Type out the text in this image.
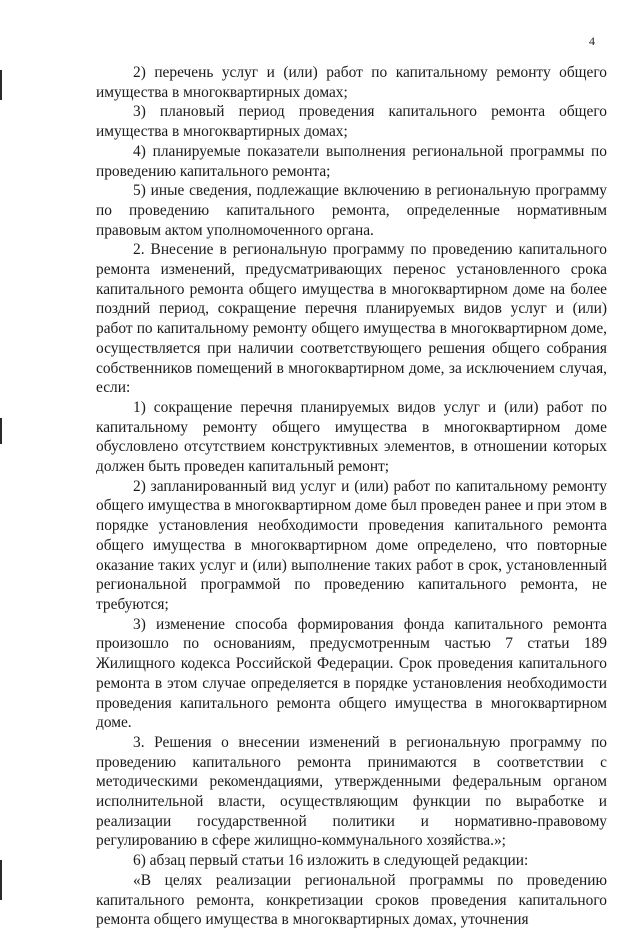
4

2) перечень услуг и (или) работ по капитальному ремонту общего имущества в многоквартирных домах;

3) плановый период проведения капитального ремонта общего имущества в многоквартирных домах;

4) планируемые показатели выполнения региональной программы по проведению капитального ремонта;

5) иные сведения, подлежащие включению в региональную программу по проведению капитального ремонта, определенные нормативным правовым актом уполномоченного органа.

2. Внесение в региональную программу по проведению капитального ремонта изменений, предусматривающих перенос установленного срока капитального ремонта общего имущества в многоквартирном доме на более поздний период, сокращение перечня планируемых видов услуг и (или) работ по капитальному ремонту общего имущества в многоквартирном доме, осуществляется при наличии соответствующего решения общего собрания собственников помещений в многоквартирном доме, за исключением случая, если:

1) сокращение перечня планируемых видов услуг и (или) работ по капитальному ремонту общего имущества в многоквартирном доме обусловлено отсутствием конструктивных элементов, в отношении которых должен быть проведен капитальный ремонт;

2) запланированный вид услуг и (или) работ по капитальному ремонту общего имущества в многоквартирном доме был проведен ранее и при этом в порядке установления необходимости проведения капитального ремонта общего имущества в многоквартирном доме определено, что повторные оказание таких услуг и (или) выполнение таких работ в срок, установленный региональной программой по проведению капитального ремонта, не требуются;

3) изменение способа формирования фонда капитального ремонта произошло по основаниям, предусмотренным частью 7 статьи 189 Жилищного кодекса Российской Федерации. Срок проведения капитального ремонта в этом случае определяется в порядке установления необходимости проведения капитального ремонта общего имущества в многоквартирном доме.

3. Решения о внесении изменений в региональную программу по проведению капитального ремонта принимаются в соответствии с методическими рекомендациями, утвержденными федеральным органом исполнительной власти, осуществляющим функции по выработке и реализации государственной политики и нормативно-правовому регулированию в сфере жилищно-коммунального хозяйства.»;

6) абзац первый статьи 16 изложить в следующей редакции:

«В целях реализации региональной программы по проведению капитального ремонта, конкретизации сроков проведения капитального ремонта общего имущества в многоквартирных домах, уточнения
